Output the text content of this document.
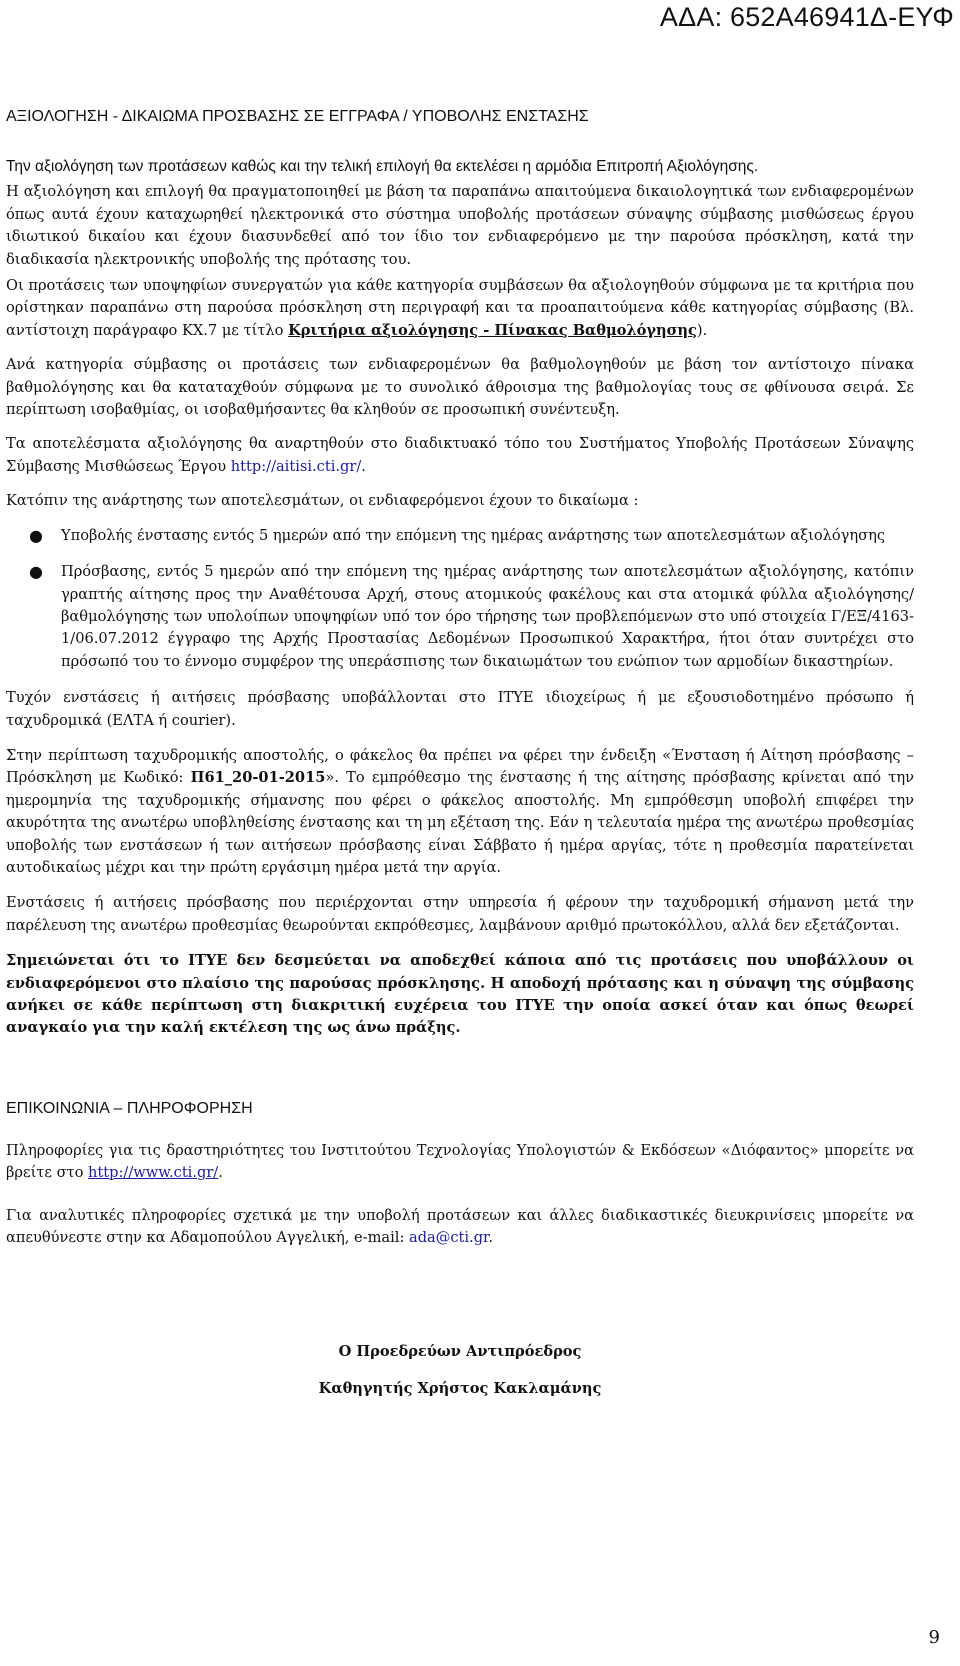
ΑΔΑ: 652Α46941Δ-ΕΥΦ
ΑΞΙΟΛΟΓΗΣΗ - ΔΙΚΑΙΩΜΑ ΠΡΟΣΒΑΣΗΣ ΣΕ ΕΓΓΡΑΦΑ / ΥΠΟΒΟΛΗΣ ΕΝΣΤΑΣΗΣ

Την αξιολόγηση των προτάσεων καθώς και την τελική επιλογή θα εκτελέσει η αρμόδια Επιτροπή Αξιολόγησης.

Η αξιολόγηση και επιλογή θα πραγματοποιηθεί με βάση τα παραπάνω απαιτούμενα δικαιολογητικά των ενδιαφερομένων όπως αυτά έχουν καταχωρηθεί ηλεκτρονικά στο σύστημα υποβολής προτάσεων σύναψης σύμβασης μισθώσεως έργου ιδιωτικού δικαίου και έχουν διασυνδεθεί από τον ίδιο τον ενδιαφερόμενο με την παρούσα πρόσκληση, κατά την διαδικασία ηλεκτρονικής υποβολής της πρότασης του.

Οι προτάσεις των υποψηφίων συνεργατών για κάθε κατηγορία συμβάσεων θα αξιολογηθούν σύμφωνα με τα κριτήρια που ορίστηκαν παραπάνω στη παρούσα πρόσκληση στη περιγραφή και τα προαπαιτούμενα κάθε κατηγορίας σύμβασης (Βλ. αντίστοιχη παράγραφο ΚΧ.7 με τίτλο Κριτήρια αξιολόγησης - Πίνακας Βαθμολόγησης).

Ανά κατηγορία σύμβασης οι προτάσεις των ενδιαφερομένων θα βαθμολογηθούν με βάση τον αντίστοιχο πίνακα βαθμολόγησης και θα καταταχθούν σύμφωνα με το συνολικό άθροισμα της βαθμολογίας τους σε φθίνουσα σειρά. Σε περίπτωση ισοβαθμίας, οι ισοβαθμήσαντες θα κληθούν σε προσωπική συνέντευξη.

Τα αποτελέσματα αξιολόγησης θα αναρτηθούν στο διαδικτυακό τόπο του Συστήματος Υποβολής Προτάσεων Σύναψης Σύμβασης Μισθώσεως Έργου http://aitisi.cti.gr/.

Κατόπιν της ανάρτησης των αποτελεσμάτων, οι ενδιαφερόμενοι έχουν το δικαίωμα :

● Υποβολής ένστασης εντός 5 ημερών από την επόμενη της ημέρας ανάρτησης των αποτελεσμάτων αξιολόγησης
● Πρόσβασης, εντός 5 ημερών από την επόμενη της ημέρας ανάρτησης των αποτελεσμάτων αξιολόγησης, κατόπιν γραπτής αίτησης προς την Αναθέτουσα Αρχή, στους ατομικούς φακέλους και στα ατομικά φύλλα αξιολόγησης/βαθμολόγησης των υπολοίπων υποψηφίων υπό τον όρο τήρησης των προβλεπόμενων στο υπό στοιχεία Γ/ΕΞ/4163-1/06.07.2012 έγγραφο της Αρχής Προστασίας Δεδομένων Προσωπικού Χαρακτήρα, ήτοι όταν συντρέχει στο πρόσωπό του το έννομο συμφέρον της υπεράσπισης των δικαιωμάτων του ενώπιον των αρμοδίων δικαστηρίων.

Τυχόν ενστάσεις ή αιτήσεις πρόσβασης υποβάλλονται στο ΙΤΥΕ ιδιοχείρως ή με εξουσιοδοτημένο πρόσωπο ή ταχυδρομικά (ΕΛΤΑ ή courier).

Στην περίπτωση ταχυδρομικής αποστολής, ο φάκελος θα πρέπει να φέρει την ένδειξη «Ένσταση ή Αίτηση πρόσβασης – Πρόσκληση με Κωδικό: Π61_20-01-2015». Το εμπρόθεσμο της ένστασης ή της αίτησης πρόσβασης κρίνεται από την ημερομηνία της ταχυδρομικής σήμανσης που φέρει ο φάκελος αποστολής. Μη εμπρόθεσμη υποβολή επιφέρει την ακυρότητα της ανωτέρω υποβληθείσης ένστασης και τη μη εξέταση της. Εάν η τελευταία ημέρα της ανωτέρω προθεσμίας υποβολής των ενστάσεων ή των αιτήσεων πρόσβασης είναι Σάββατο ή ημέρα αργίας, τότε η προθεσμία παρατείνεται αυτοδικαίως μέχρι και την πρώτη εργάσιμη ημέρα μετά την αργία.

Ενστάσεις ή αιτήσεις πρόσβασης που περιέρχονται στην υπηρεσία ή φέρουν την ταχυδρομική σήμανση μετά την παρέλευση της ανωτέρω προθεσμίας θεωρούνται εκπρόθεσμες, λαμβάνουν αριθμό πρωτοκόλλου, αλλά δεν εξετάζονται.

Σημειώνεται ότι το ΙΤΥΕ δεν δεσμεύεται να αποδεχθεί κάποια από τις προτάσεις που υποβάλλουν οι ενδιαφερόμενοι στο πλαίσιο της παρούσας πρόσκλησης. Η αποδοχή πρότασης και η σύναψη της σύμβασης ανήκει σε κάθε περίπτωση στη διακριτική ευχέρεια του ΙΤΥΕ την οποία ασκεί όταν και όπως θεωρεί αναγκαίο για την καλή εκτέλεση της ως άνω πράξης.

ΕΠΙΚΟΙΝΩΝΙΑ – ΠΛΗΡΟΦΟΡΗΣΗ

Πληροφορίες για τις δραστηριότητες του Ινστιτούτου Τεχνολογίας Υπολογιστών & Εκδόσεων «Διόφαντος» μπορείτε να βρείτε στο http://www.cti.gr/.

Για αναλυτικές πληροφορίες σχετικά με την υποβολή προτάσεων και άλλες διαδικαστικές διευκρινίσεις μπορείτε να απευθύνεστε στην κα Αδαμοπούλου Αγγελική, e-mail: ada@cti.gr.

Ο Προεδρεύων Αντιπρόεδρος

Καθηγητής Χρήστος Κακλαμάνης

9
